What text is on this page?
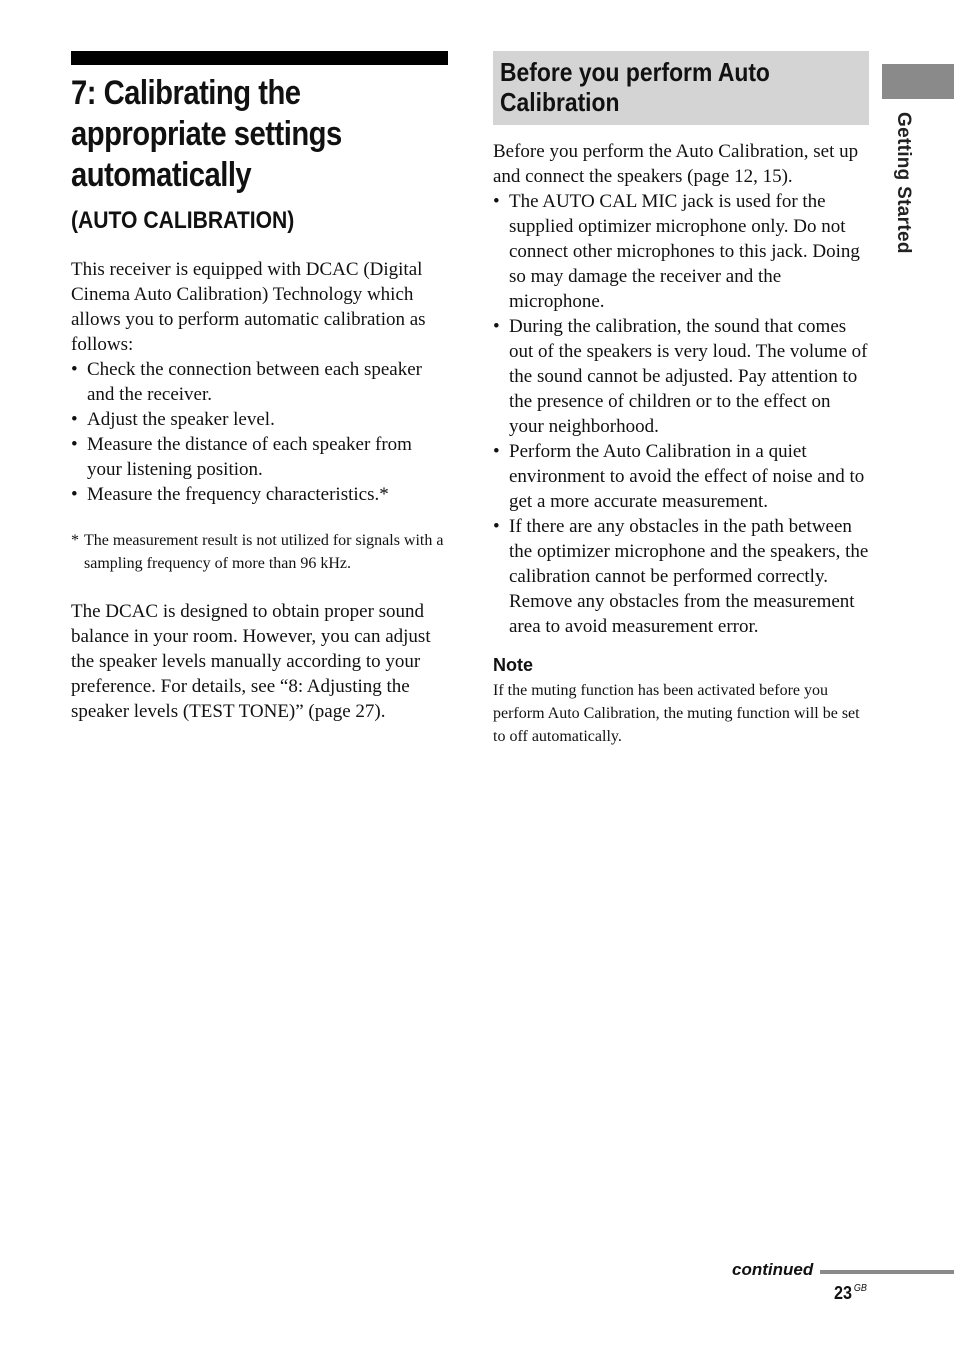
7: Calibrating the appropriate settings automatically
(AUTO CALIBRATION)
This receiver is equipped with DCAC (Digital Cinema Auto Calibration) Technology which allows you to perform automatic calibration as follows:
• Check the connection between each speaker and the receiver.
• Adjust the speaker level.
• Measure the distance of each speaker from your listening position.
• Measure the frequency characteristics.*
* The measurement result is not utilized for signals with a sampling frequency of more than 96 kHz.
The DCAC is designed to obtain proper sound balance in your room. However, you can adjust the speaker levels manually according to your preference. For details, see “8: Adjusting the speaker levels (TEST TONE)” (page 27).
Before you perform Auto Calibration
Before you perform the Auto Calibration, set up and connect the speakers (page 12, 15).
• The AUTO CAL MIC jack is used for the supplied optimizer microphone only. Do not connect other microphones to this jack. Doing so may damage the receiver and the microphone.
• During the calibration, the sound that comes out of the speakers is very loud. The volume of the sound cannot be adjusted. Pay attention to the presence of children or to the effect on your neighborhood.
• Perform the Auto Calibration in a quiet environment to avoid the effect of noise and to get a more accurate measurement.
• If there are any obstacles in the path between the optimizer microphone and the speakers, the calibration cannot be performed correctly. Remove any obstacles from the measurement area to avoid measurement error.
Note
If the muting function has been activated before you perform Auto Calibration, the muting function will be set to off automatically.
Getting Started
continued
23 $^{GB}$
